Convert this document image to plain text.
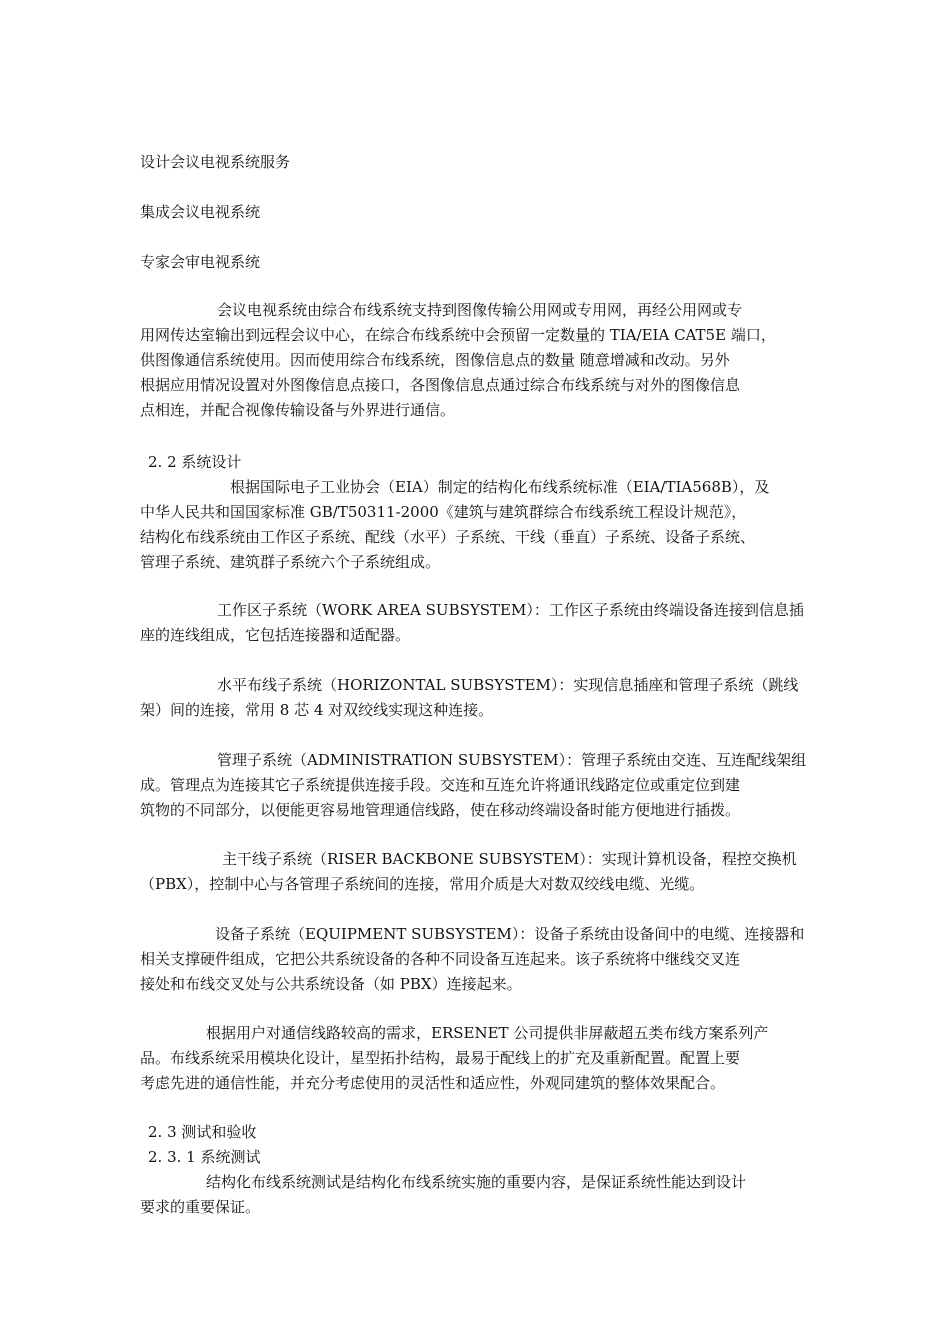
设计会议电视系统服务

集成会议电视系统

专家会审电视系统

会议电视系统由综合布线系统支持到图像传输公用网或专用网，再经公用网或专
用网传达室输出到远程会议中心，在综合布线系统中会预留一定数量的 TIA/EIA CAT5E 端口，
供图像通信系统使用。因而使用综合布线系统，图像信息点的数量 随意增减和改动。另外
根据应用情况设置对外图像信息点接口，各图像信息点通过综合布线系统与对外的图像信息
点相连，并配合视像传输设备与外界进行通信。

2. 2 系统设计
根据国际电子工业协会（EIA）制定的结构化布线系统标准（EIA/TIA568B），及
中华人民共和国国家标准 GB/T50311-2000《建筑与建筑群综合布线系统工程设计规范》，
结构化布线系统由工作区子系统、配线（水平）子系统、干线（垂直）子系统、设备子系统、
管理子系统、建筑群子系统六个子系统组成。

工作区子系统（WORK AREA SUBSYSTEM）：工作区子系统由终端设备连接到信息插
座的连线组成，它包括连接器和适配器。

水平布线子系统（HORIZONTAL SUBSYSTEM）：实现信息插座和管理子系统（跳线
架）间的连接，常用 8 芯 4 对双绞线实现这种连接。

管理子系统（ADMINISTRATION SUBSYSTEM）：管理子系统由交连、互连配线架组
成。管理点为连接其它子系统提供连接手段。交连和互连允许将通讯线路定位或重定位到建
筑物的不同部分，以便能更容易地管理通信线路，使在移动终端设备时能方便地进行插拨。

主干线子系统（RISER BACKBONE SUBSYSTEM）：实现计算机设备，程控交换机
（PBX），控制中心与各管理子系统间的连接，常用介质是大对数双绞线电缆、光缆。

设备子系统（EQUIPMENT SUBSYSTEM）：设备子系统由设备间中的电缆、连接器和
相关支撑硬件组成，它把公共系统设备的各种不同设备互连起来。该子系统将中继线交叉连
接处和布线交叉处与公共系统设备（如 PBX）连接起来。

根据用户对通信线路较高的需求，ERSENET 公司提供非屏蔽超五类布线方案系列产
品。布线系统采用模块化设计，星型拓扑结构，最易于配线上的扩充及重新配置。配置上要
考虑先进的通信性能，并充分考虑使用的灵活性和适应性，外观同建筑的整体效果配合。

2. 3 测试和验收
2. 3. 1 系统测试
结构化布线系统测试是结构化布线系统实施的重要内容，是保证系统性能达到设计
要求的重要保证。
